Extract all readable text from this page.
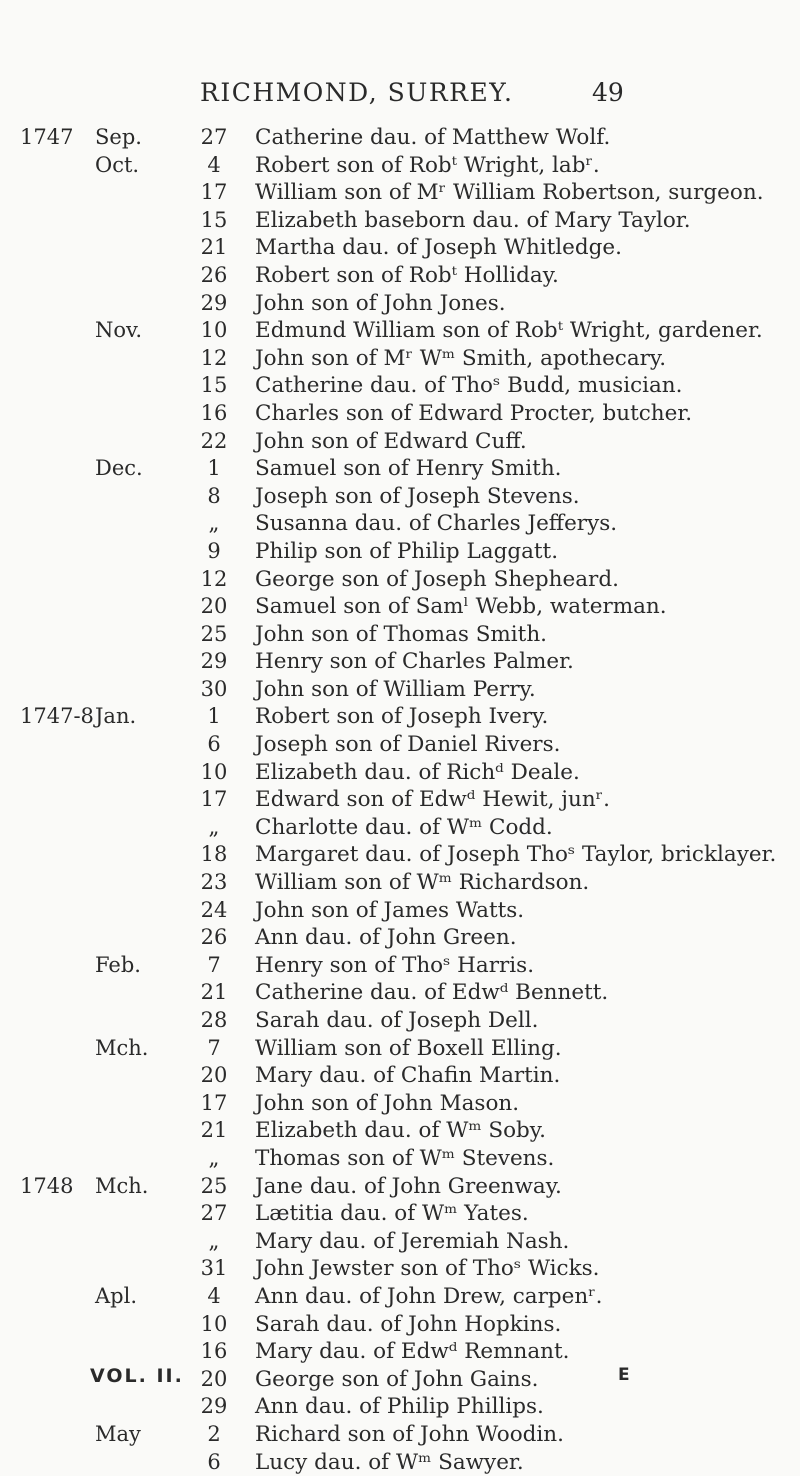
RICHMOND, SURREY.	49
1747 Sep.	27	Catherine dau. of Matthew Wolf.
Oct.	4	Robert son of Robᵗ Wright, labʳ.
17	William son of Mʳ William Robertson, surgeon.
15	Elizabeth baseborn dau. of Mary Taylor.
21	Martha dau. of Joseph Whitledge.
26	Robert son of Robᵗ Holliday.
29	John son of John Jones.
Nov.	10	Edmund William son of Robᵗ Wright, gardener.
12	John son of Mʳ Wᵐ Smith, apothecary.
15	Catherine dau. of Thoˢ Budd, musician.
16	Charles son of Edward Procter, butcher.
22	John son of Edward Cuff.
Dec.	1	Samuel son of Henry Smith.
8	Joseph son of Joseph Stevens.
„	Susanna dau. of Charles Jefferys.
9	Philip son of Philip Laggatt.
12	George son of Joseph Shepheard.
20	Samuel son of Samˡ Webb, waterman.
25	John son of Thomas Smith.
29	Henry son of Charles Palmer.
30	John son of William Perry.
1747-8 Jan.	1	Robert son of Joseph Ivery.
6	Joseph son of Daniel Rivers.
10	Elizabeth dau. of Richᵈ Deale.
17	Edward son of Edwᵈ Hewit, junʳ.
„	Charlotte dau. of Wᵐ Codd.
18	Margaret dau. of Joseph Thoˢ Taylor, bricklayer.
23	William son of Wᵐ Richardson.
24	John son of James Watts.
26	Ann dau. of John Green.
Feb.	7	Henry son of Thoˢ Harris.
21	Catherine dau. of Edwᵈ Bennett.
28	Sarah dau. of Joseph Dell.
Mch.	7	William son of Boxell Elling.
20	Mary dau. of Chafin Martin.
17	John son of John Mason.
21	Elizabeth dau. of Wᵐ Soby.
„	Thomas son of Wᵐ Stevens.
1748 Mch.	25	Jane dau. of John Greenway.
27	Lætitia dau. of Wᵐ Yates.
„	Mary dau. of Jeremiah Nash.
31	John Jewster son of Thoˢ Wicks.
Apl.	4	Ann dau. of John Drew, carpenʳ.
10	Sarah dau. of John Hopkins.
16	Mary dau. of Edwᵈ Remnant.
20	George son of John Gains.
29	Ann dau. of Philip Phillips.
May	2	Richard son of John Woodin.
6	Lucy dau. of Wᵐ Sawyer.
VOL. II.	E
